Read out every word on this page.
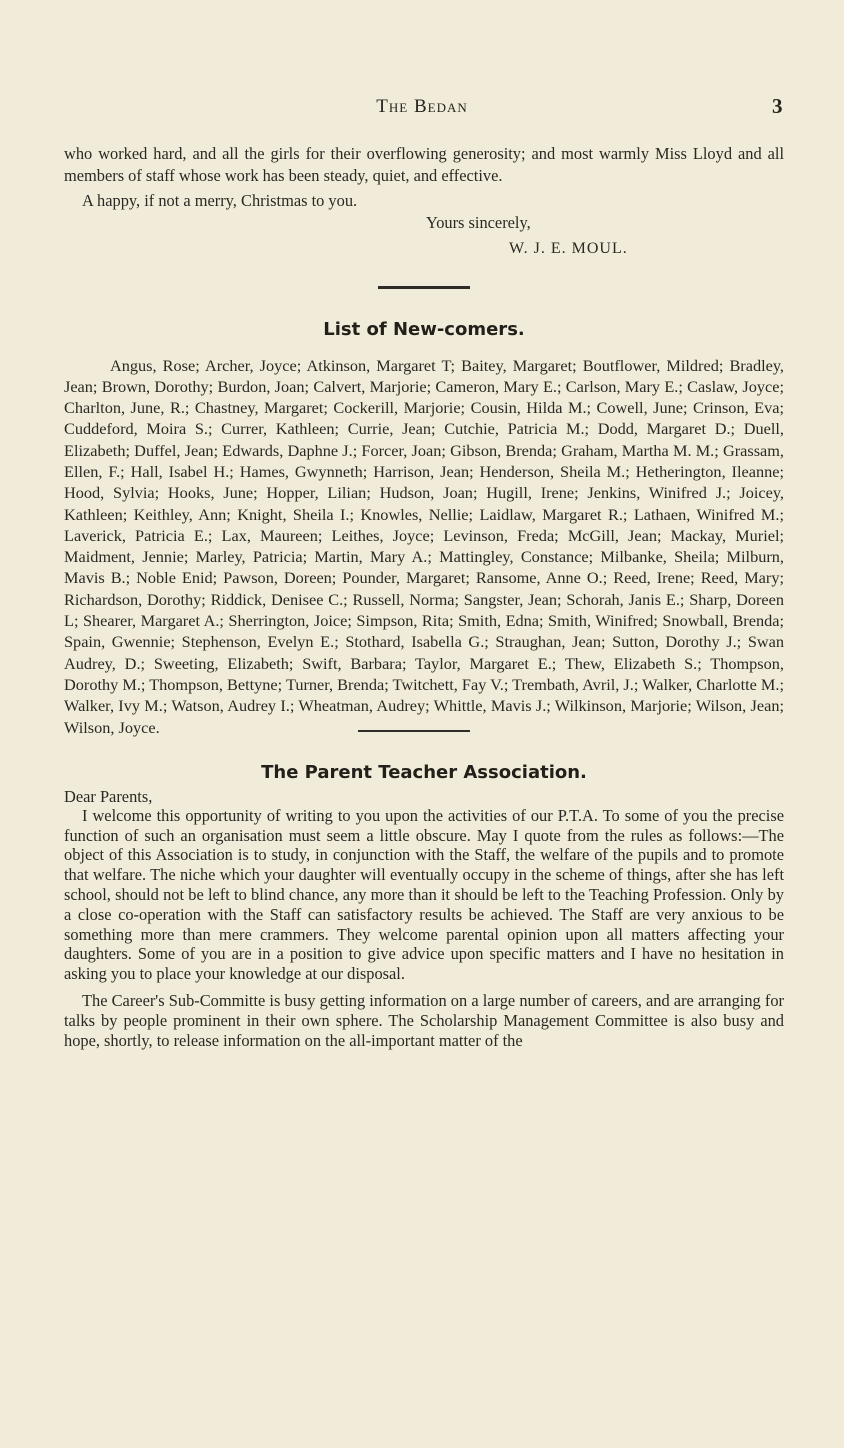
The Bedan	3

who worked hard, and all the girls for their overflowing generosity; and most warmly Miss Lloyd and all members of staff whose work has been steady, quiet, and effective.

A happy, if not a merry, Christmas to you.

Yours sincerely,

W. J. E. MOUL.

List of New-comers.

Angus, Rose; Archer, Joyce; Atkinson, Margaret T; Baitey, Margaret; Boutflower, Mildred; Bradley, Jean; Brown, Dorothy; Burdon, Joan; Calvert, Marjorie; Cameron, Mary E.; Carlson, Mary E.; Caslaw, Joyce; Charlton, June, R.; Chastney, Margaret; Cockerill, Marjorie; Cousin, Hilda M.; Cowell, June; Crinson, Eva; Cuddeford, Moira S.; Currer, Kathleen; Currie, Jean; Cutchie, Patricia M.; Dodd, Margaret D.; Duell, Elizabeth; Duffel, Jean; Edwards, Daphne J.; Forcer, Joan; Gibson, Brenda; Graham, Martha M. M.; Grassam, Ellen, F.; Hall, Isabel H.; Hames, Gwynneth; Harrison, Jean; Henderson, Sheila M.; Hetherington, Ileanne; Hood, Sylvia; Hooks, June; Hopper, Lilian; Hudson, Joan; Hugill, Irene; Jenkins, Winifred J.; Joicey, Kathleen; Keithley, Ann; Knight, Sheila I.; Knowles, Nellie; Laidlaw, Margaret R.; Lathaen, Winifred M.; Laverick, Patricia E.; Lax, Maureen; Leithes, Joyce; Levinson, Freda; McGill, Jean; Mackay, Muriel; Maidment, Jennie; Marley, Patricia; Martin, Mary A.; Mattingley, Constance; Milbanke, Sheila; Milburn, Mavis B.; Noble Enid; Pawson, Doreen; Pounder, Margaret; Ransome, Anne O.; Reed, Irene; Reed, Mary; Richardson, Dorothy; Riddick, Denisee C.; Russell, Norma; Sangster, Jean; Schorah, Janis E.; Sharp, Doreen L; Shearer, Margaret A.; Sherrington, Joice; Simpson, Rita; Smith, Edna; Smith, Winifred; Snowball, Brenda; Spain, Gwennie; Stephenson, Evelyn E.; Stothard, Isabella G.; Straughan, Jean; Sutton, Dorothy J.; Swan Audrey, D.; Sweeting, Elizabeth; Swift, Barbara; Taylor, Margaret E.; Thew, Elizabeth S.; Thompson, Dorothy M.; Thompson, Bettyne; Turner, Brenda; Twitchett, Fay V.; Trembath, Avril, J.; Walker, Charlotte M.; Walker, Ivy M.; Watson, Audrey I.; Wheatman, Audrey; Whittle, Mavis J.; Wilkinson, Marjorie; Wilson, Jean; Wilson, Joyce.

The Parent Teacher Association.

Dear Parents,

I welcome this opportunity of writing to you upon the activities of our P.T.A. To some of you the precise function of such an organisation must seem a little obscure. May I quote from the rules as follows:—The object of this Association is to study, in conjunction with the Staff, the welfare of the pupils and to promote that welfare. The niche which your daughter will eventually occupy in the scheme of things, after she has left school, should not be left to blind chance, any more than it should be left to the Teaching Profession. Only by a close co-operation with the Staff can satisfactory results be achieved. The Staff are very anxious to be something more than mere crammers. They welcome parental opinion upon all matters affecting your daughters. Some of you are in a position to give advice upon specific matters and I have no hesitation in asking you to place your knowledge at our disposal.

The Career's Sub-Committe is busy getting information on a large number of careers, and are arranging for talks by people prominent in their own sphere. The Scholarship Management Committee is also busy and hope, shortly, to release information on the all-important matter of the
